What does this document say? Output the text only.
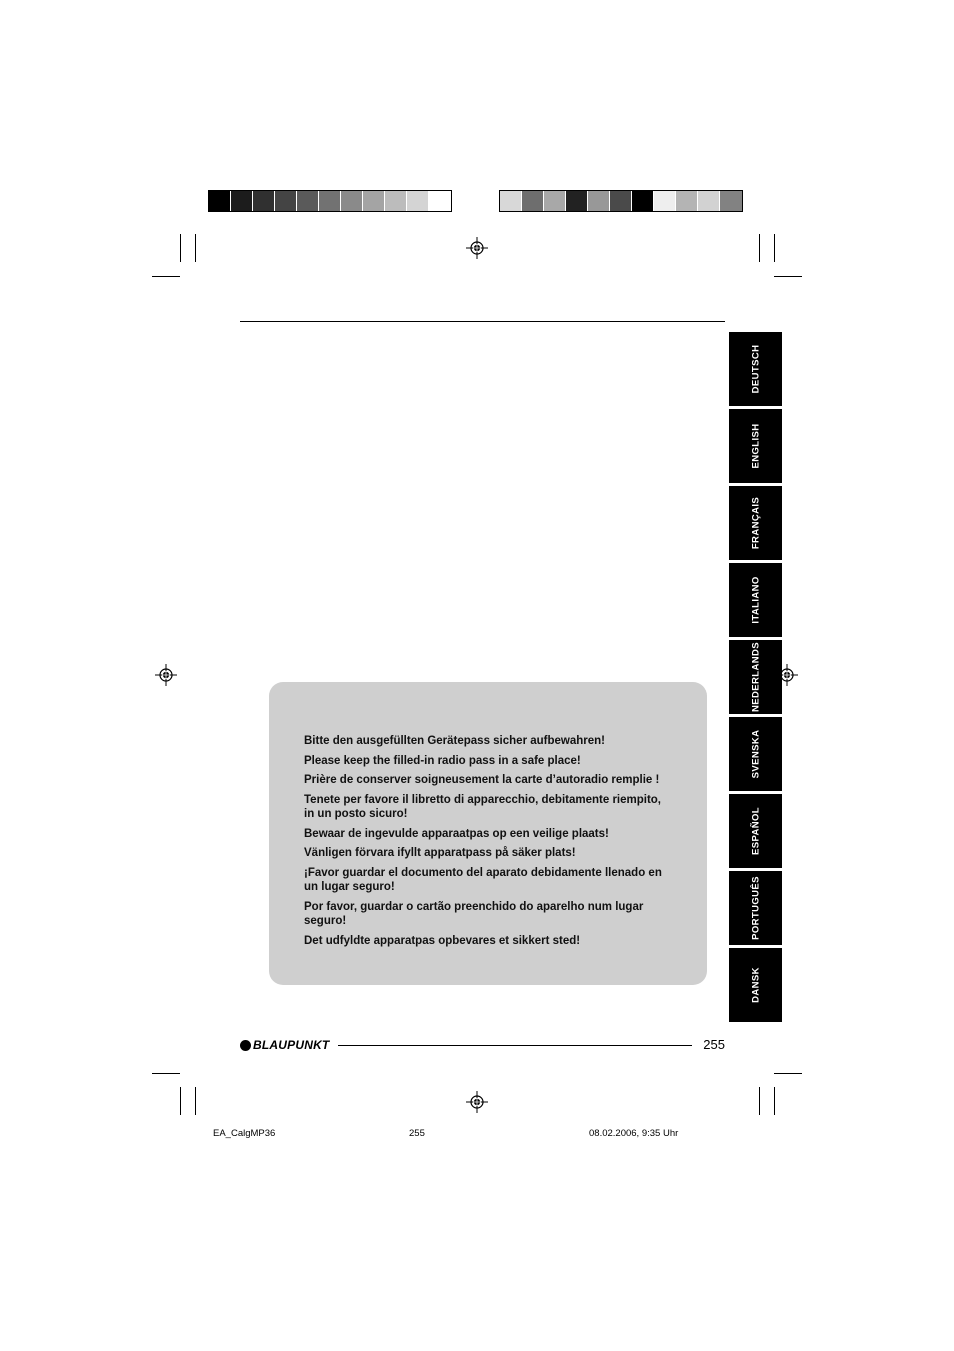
DEUTSCH
ENGLISH
FRANÇAIS
ITALIANO
NEDERLANDS
SVENSKA
ESPAÑOL
PORTUGUÊS
DANSK

Bitte den ausgefüllten Gerätepass sicher aufbewahren!

Please keep the filled-in radio pass in a safe place!

Prière de conserver soigneusement la carte d’autoradio remplie !

Tenete per favore il libretto di apparecchio, debitamente riempito, in un posto sicuro!

Bewaar de ingevulde apparaatpas op een veilige plaats!

Vänligen förvara ifyllt apparatpass på säker plats!

¡Favor guardar el documento del aparato debidamente llenado en un lugar seguro!

Por favor, guardar o cartão preenchido do aparelho num lugar seguro!

Det udfyldte apparatpas opbevares et sikkert sted!

BLAUPUNKT	255
EA_CalgMP36	255	08.02.2006, 9:35 Uhr
